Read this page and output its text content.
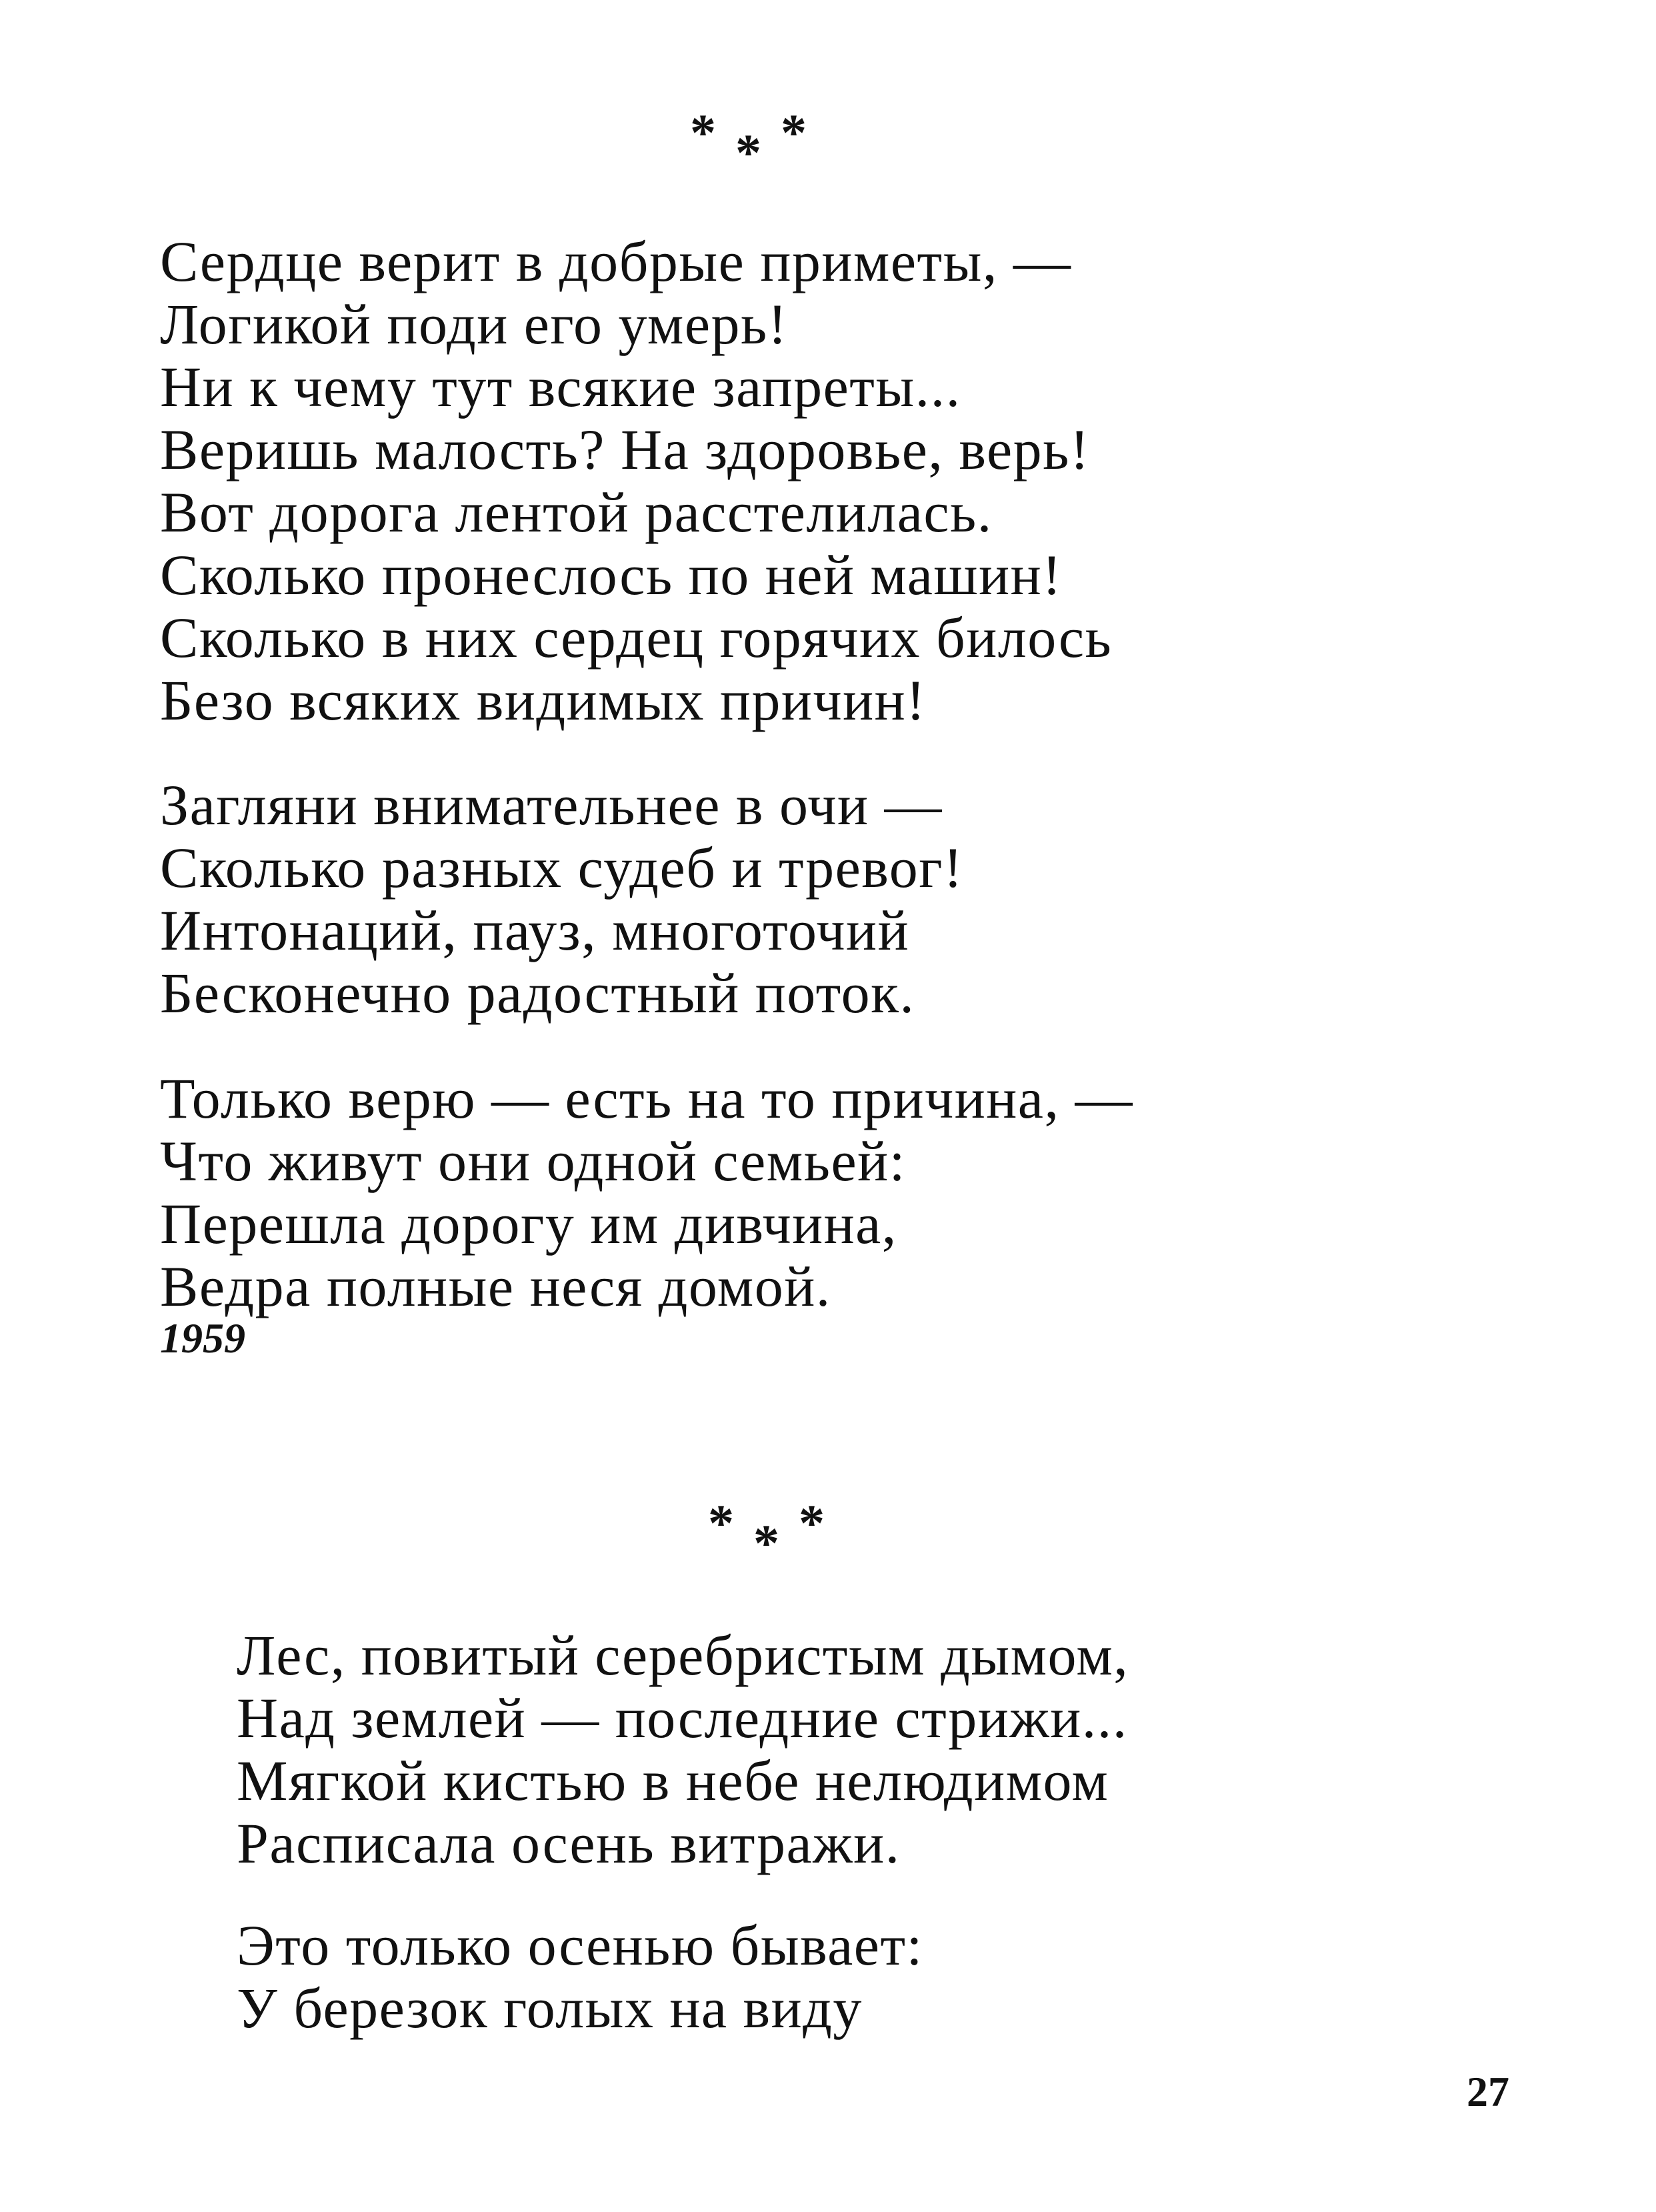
* * *
Сердце верит в добрые приметы, —
Логикой поди его умерь!
Ни к чему тут всякие запреты...
Веришь малость? На здоровье, верь!
Вот дорога лентой расстелилась.
Сколько пронеслось по ней машин!
Сколько в них сердец горячих билось
Безо всяких видимых причин!
Загляни внимательнее в очи —
Сколько разных судеб и тревог!
Интонаций, пауз, многоточий
Бесконечно радостный поток.
Только верю — есть на то причина, —
Что живут они одной семьей:
Перешла дорогу им дивчина,
Ведра полные неся домой.
1959
* * *
Лес, повитый серебристым дымом,
Над землей — последние стрижи...
Мягкой кистью в небе нелюдимом
Расписала осень витражи.
Это только осенью бывает:
У березок голых на виду
27
